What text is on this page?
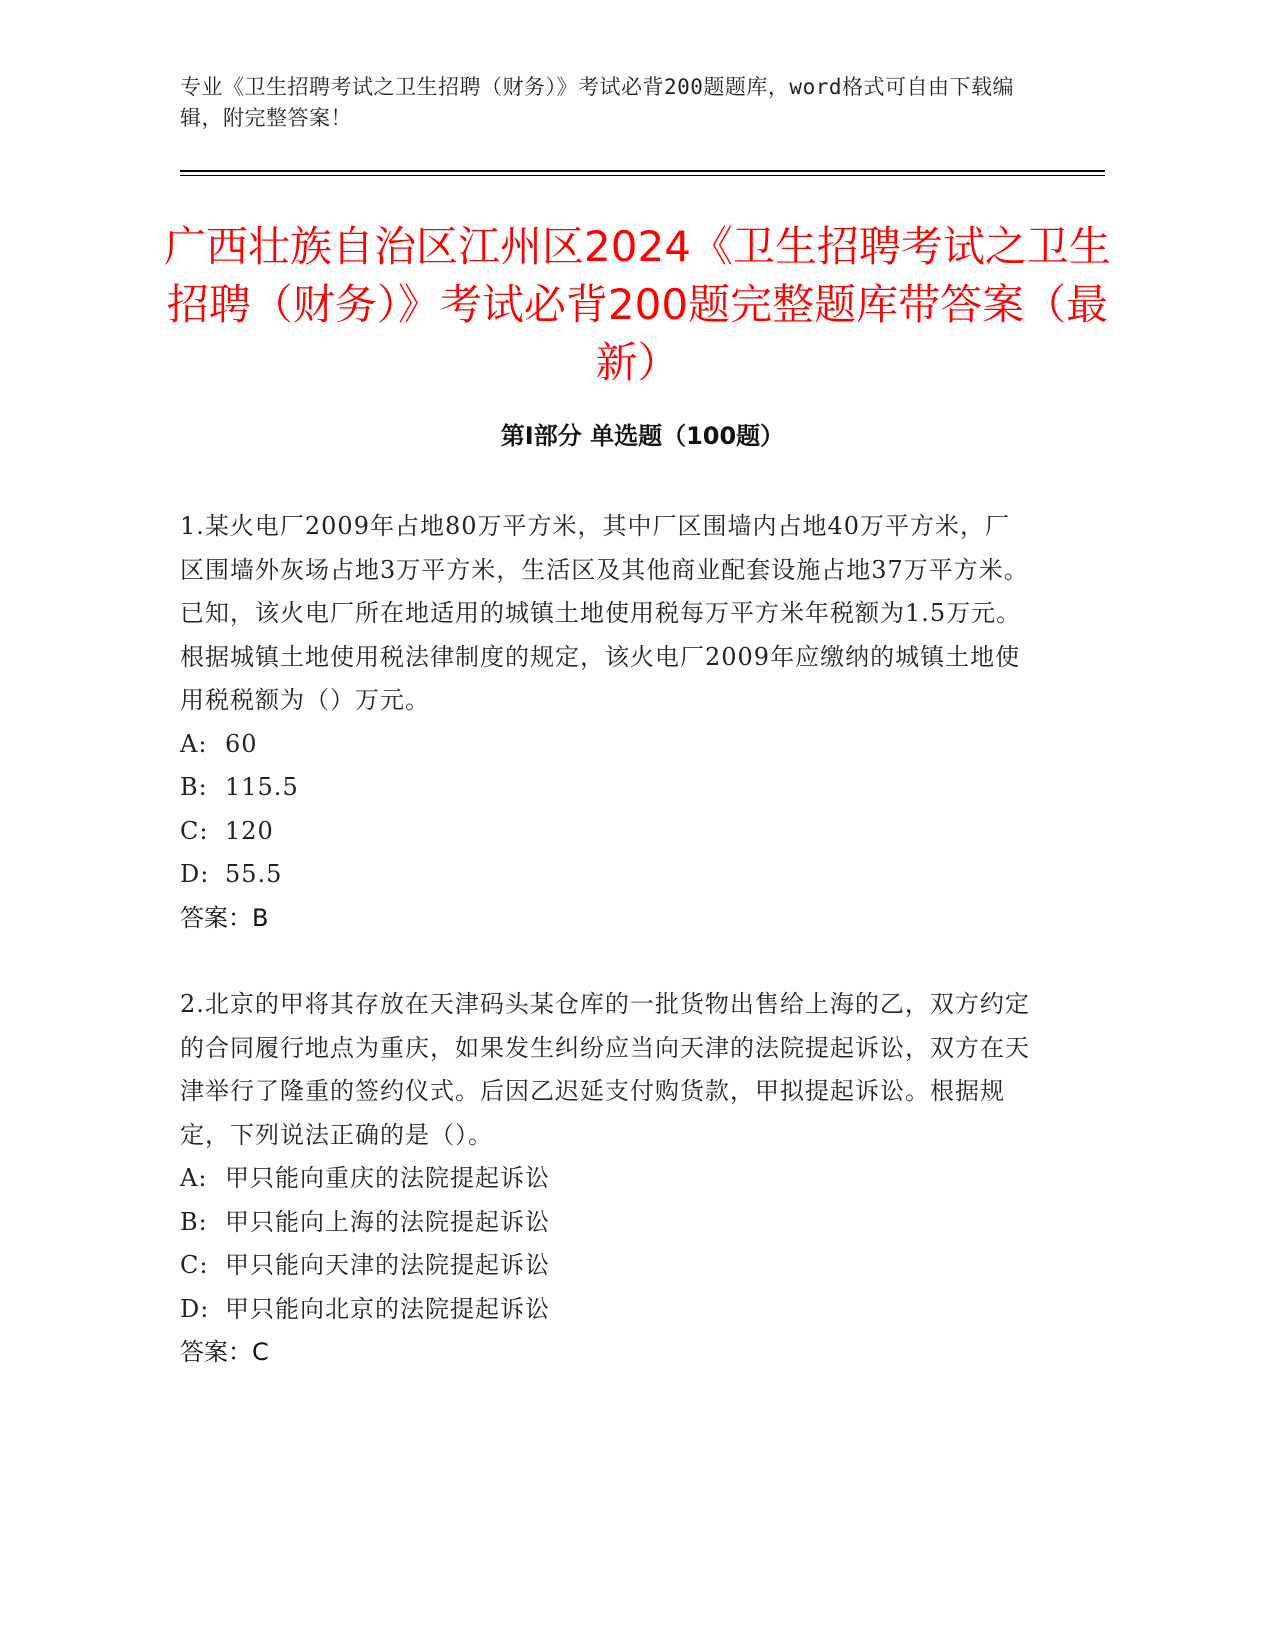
专业《卫生招聘考试之卫生招聘（财务）》考试必背200题题库，word格式可自由下载编辑，附完整答案！
广西壮族自治区江州区2024《卫生招聘考试之卫生招聘（财务）》考试必背200题完整题库带答案（最新）
第Ⅰ部分 单选题（100题）

1.某火电厂2009年占地80万平方米，其中厂区围墙内占地40万平方米，厂区围墙外灰场占地3万平方米，生活区及其他商业配套设施占地37万平方米。已知，该火电厂所在地适用的城镇土地使用税每万平方米年税额为1.5万元。根据城镇土地使用税法律制度的规定，该火电厂2009年应缴纳的城镇土地使用税税额为（）万元。

A: 60

B: 115.5

C: 120

D: 55.5

答案：B

2.北京的甲将其存放在天津码头某仓库的一批货物出售给上海的乙，双方约定的合同履行地点为重庆，如果发生纠纷应当向天津的法院提起诉讼，双方在天津举行了隆重的签约仪式。后因乙迟延支付购货款，甲拟提起诉讼。根据规定，下列说法正确的是（）。

A: 甲只能向重庆的法院提起诉讼

B: 甲只能向上海的法院提起诉讼

C: 甲只能向天津的法院提起诉讼

D: 甲只能向北京的法院提起诉讼

答案：C
